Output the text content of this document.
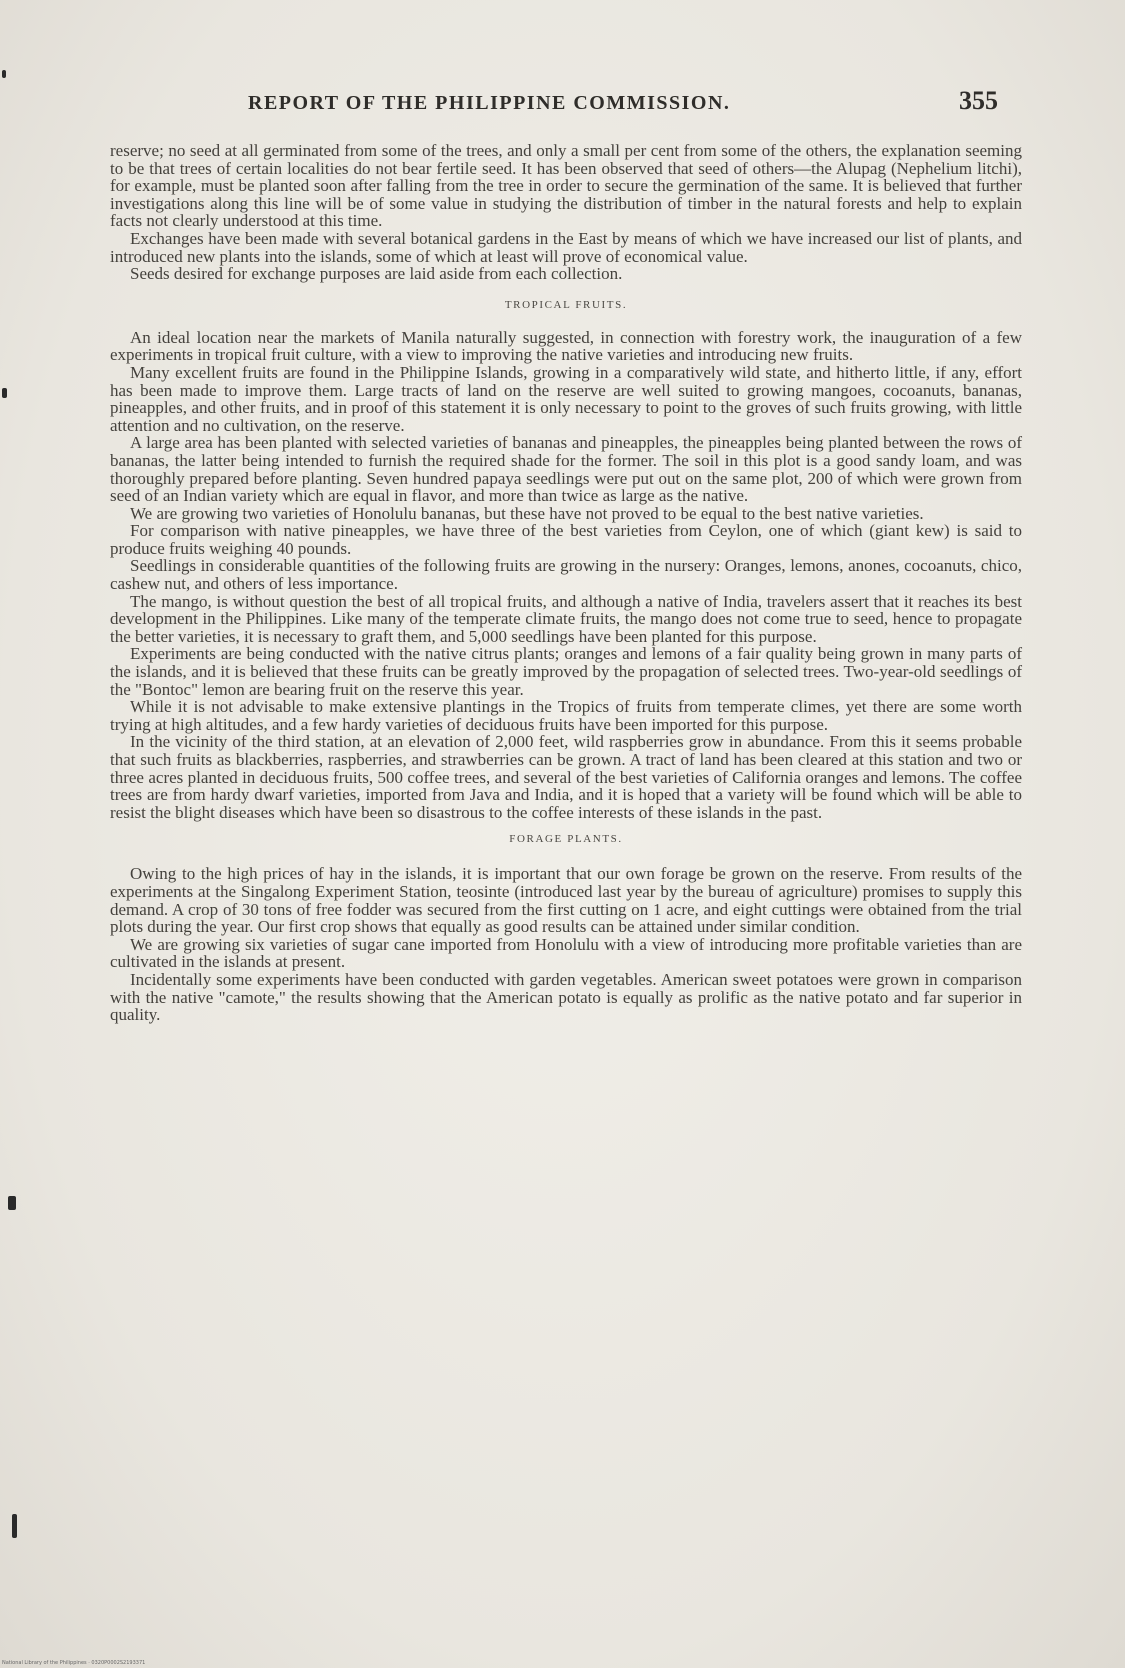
REPORT OF THE PHILIPPINE COMMISSION.	355

reserve; no seed at all germinated from some of the trees, and only a small per cent from some of the others, the explanation seeming to be that trees of certain localities do not bear fertile seed. It has been observed that seed of others—the Alupag (Nephelium litchi), for example, must be planted soon after falling from the tree in order to secure the germination of the same. It is believed that further investigations along this line will be of some value in studying the distribution of timber in the natural forests and help to explain facts not clearly understood at this time.

Exchanges have been made with several botanical gardens in the East by means of which we have increased our list of plants, and introduced new plants into the islands, some of which at least will prove of economical value.

Seeds desired for exchange purposes are laid aside from each collection.

TROPICAL FRUITS.

An ideal location near the markets of Manila naturally suggested, in connection with forestry work, the inauguration of a few experiments in tropical fruit culture, with a view to improving the native varieties and introducing new fruits.

Many excellent fruits are found in the Philippine Islands, growing in a comparatively wild state, and hitherto little, if any, effort has been made to improve them. Large tracts of land on the reserve are well suited to growing mangoes, cocoanuts, bananas, pineapples, and other fruits, and in proof of this statement it is only necessary to point to the groves of such fruits growing, with little attention and no cultivation, on the reserve.

A large area has been planted with selected varieties of bananas and pineapples, the pineapples being planted between the rows of bananas, the latter being intended to furnish the required shade for the former. The soil in this plot is a good sandy loam, and was thoroughly prepared before planting. Seven hundred papaya seedlings were put out on the same plot, 200 of which were grown from seed of an Indian variety which are equal in flavor, and more than twice as large as the native.

We are growing two varieties of Honolulu bananas, but these have not proved to be equal to the best native varieties.

For comparison with native pineapples, we have three of the best varieties from Ceylon, one of which (giant kew) is said to produce fruits weighing 40 pounds.

Seedlings in considerable quantities of the following fruits are growing in the nursery: Oranges, lemons, anones, cocoanuts, chico, cashew nut, and others of less importance.

The mango, is without question the best of all tropical fruits, and although a native of India, travelers assert that it reaches its best development in the Philippines. Like many of the temperate climate fruits, the mango does not come true to seed, hence to propagate the better varieties, it is necessary to graft them, and 5,000 seedlings have been planted for this purpose.

Experiments are being conducted with the native citrus plants; oranges and lemons of a fair quality being grown in many parts of the islands, and it is believed that these fruits can be greatly improved by the propagation of selected trees. Two-year-old seedlings of the "Bontoc" lemon are bearing fruit on the reserve this year.

While it is not advisable to make extensive plantings in the Tropics of fruits from temperate climes, yet there are some worth trying at high altitudes, and a few hardy varieties of deciduous fruits have been imported for this purpose.

In the vicinity of the third station, at an elevation of 2,000 feet, wild raspberries grow in abundance. From this it seems probable that such fruits as blackberries, raspberries, and strawberries can be grown. A tract of land has been cleared at this station and two or three acres planted in deciduous fruits, 500 coffee trees, and several of the best varieties of California oranges and lemons. The coffee trees are from hardy dwarf varieties, imported from Java and India, and it is hoped that a variety will be found which will be able to resist the blight diseases which have been so disastrous to the coffee interests of these islands in the past.

FORAGE PLANTS.

Owing to the high prices of hay in the islands, it is important that our own forage be grown on the reserve. From results of the experiments at the Singalong Experiment Station, teosinte (introduced last year by the bureau of agriculture) promises to supply this demand. A crop of 30 tons of free fodder was secured from the first cutting on 1 acre, and eight cuttings were obtained from the trial plots during the year. Our first crop shows that equally as good results can be attained under similar condition.

We are growing six varieties of sugar cane imported from Honolulu with a view of introducing more profitable varieties than are cultivated in the islands at present.

Incidentally some experiments have been conducted with garden vegetables. American sweet potatoes were grown in comparison with the native "camote," the results showing that the American potato is equally as prolific as the native potato and far superior in quality.

National Library of the Philippines · 0320P0002S2193371
